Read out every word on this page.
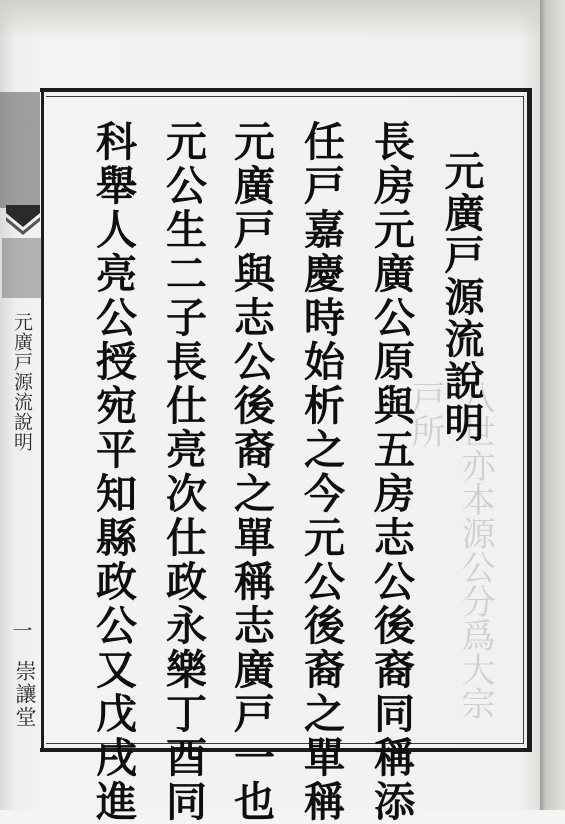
八世亦本源公分爲大宗戸所
元廣戸源流說明
一
崇讓堂
元廣戸源流說明
長房元廣公原與五房志公後裔同稱添
任戸嘉慶時始析之今元公後裔之單稱
元廣戸與志公後裔之單稱志廣戸一也
元公生二子長仕亮次仕政永樂丁酉同
科舉人亮公授宛平知縣政公又戊戌進
